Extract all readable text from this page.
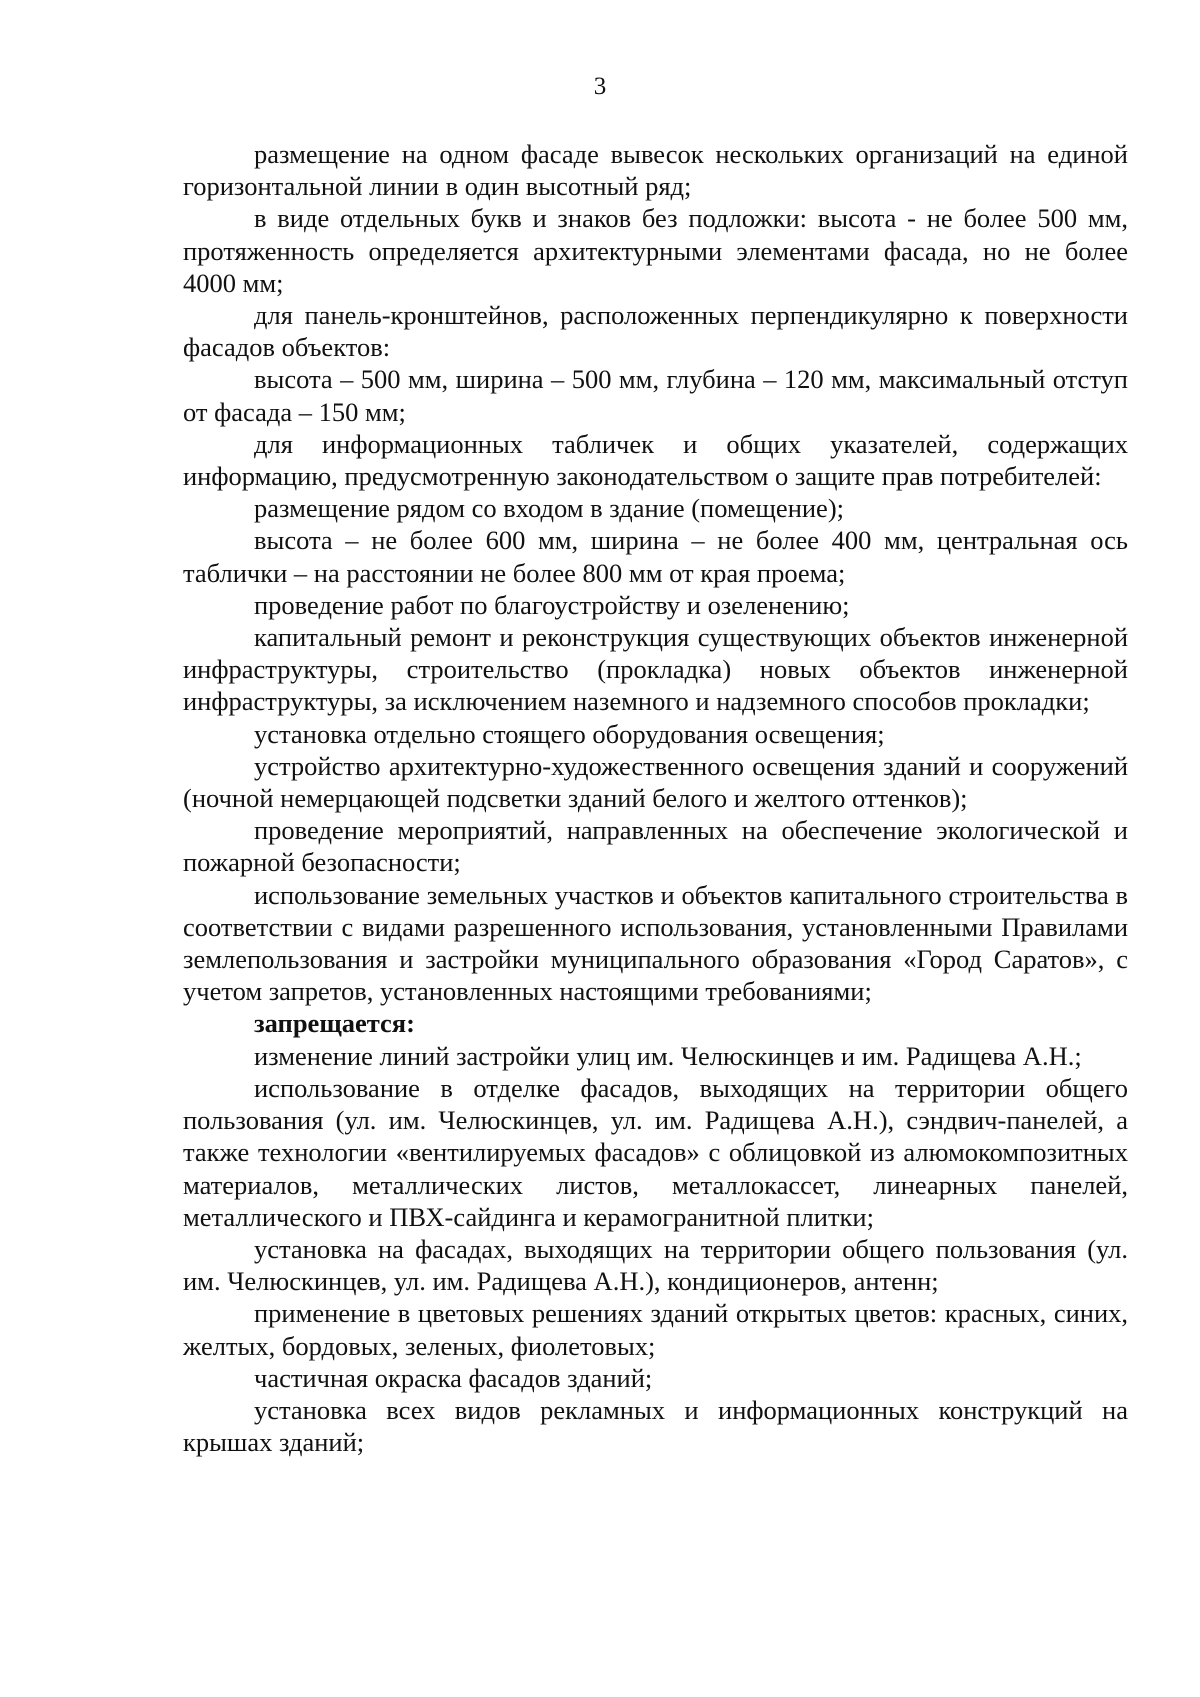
3

размещение на одном фасаде вывесок нескольких организаций на единой горизонтальной линии в один высотный ряд;

в виде отдельных букв и знаков без подложки: высота - не более 500 мм, протяженность определяется архитектурными элементами фасада, но не более 4000 мм;

для панель-кронштейнов, расположенных перпендикулярно к поверхности фасадов объектов:

высота – 500 мм, ширина – 500 мм, глубина – 120 мм, максимальный отступ от фасада – 150 мм;

для информационных табличек и общих указателей, содержащих информацию, предусмотренную законодательством о защите прав потребителей:

размещение рядом со входом в здание (помещение);

высота – не более 600 мм, ширина – не более 400 мм, центральная ось таблички – на расстоянии не более 800 мм от края проема;

проведение работ по благоустройству и озеленению;

капитальный ремонт и реконструкция существующих объектов инженерной инфраструктуры, строительство (прокладка) новых объектов инженерной инфраструктуры, за исключением наземного и надземного способов прокладки;

установка отдельно стоящего оборудования освещения;

устройство архитектурно-художественного освещения зданий и сооружений (ночной немерцающей подсветки зданий белого и желтого оттенков);

проведение мероприятий, направленных на обеспечение экологической и пожарной безопасности;

использование земельных участков и объектов капитального строительства в соответствии с видами разрешенного использования, установленными Правилами землепользования и застройки муниципального образования «Город Саратов», с учетом запретов, установленных настоящими требованиями;

запрещается:

изменение линий застройки улиц им. Челюскинцев и им. Радищева А.Н.;

использование в отделке фасадов, выходящих на территории общего пользования (ул. им. Челюскинцев, ул. им. Радищева А.Н.), сэндвич-панелей, а также технологии «вентилируемых фасадов» с облицовкой из алюмокомпозитных материалов, металлических листов, металлокассет, линеарных панелей, металлического и ПВХ-сайдинга и керамогранитной плитки;

установка на фасадах, выходящих на территории общего пользования (ул. им. Челюскинцев, ул. им. Радищева А.Н.), кондиционеров, антенн;

применение в цветовых решениях зданий открытых цветов: красных, синих, желтых, бордовых, зеленых, фиолетовых;

частичная окраска фасадов зданий;

установка всех видов рекламных и информационных конструкций на крышах зданий;
